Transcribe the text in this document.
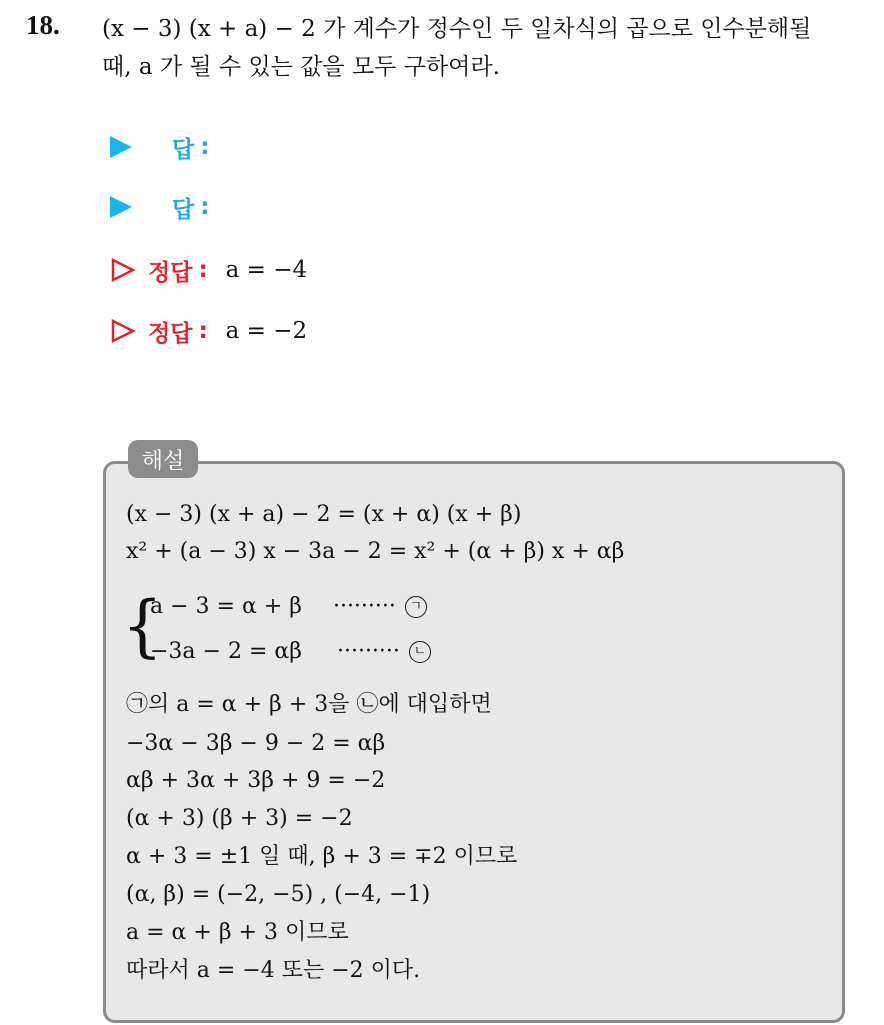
18. (x − 3) (x + a) − 2 가 계수가 정수인 두 일차식의 곱으로 인수분해될
때, a 가 될 수 있는 값을 모두 구하여라.
답 :
답 :
정답 : a = −4
정답 : a = −2
해설
(x − 3) (x + a) − 2 = (x + α) (x + β)
x² + (a − 3) x − 3a − 2 = x² + (α + β) x + αβ
{
a − 3 = α + β ········· ㄱ
−3a − 2 = αβ ········· ㄴ
㉠의 a = α + β + 3을 ㉡에 대입하면
−3α − 3β − 9 − 2 = αβ
αβ + 3α + 3β + 9 = −2
(α + 3) (β + 3) = −2
α + 3 = ±1 일 때, β + 3 = ∓2 이므로
(α, β) = (−2, −5) , (−4, −1)
a = α + β + 3 이므로
따라서 a = −4 또는 −2 이다.
